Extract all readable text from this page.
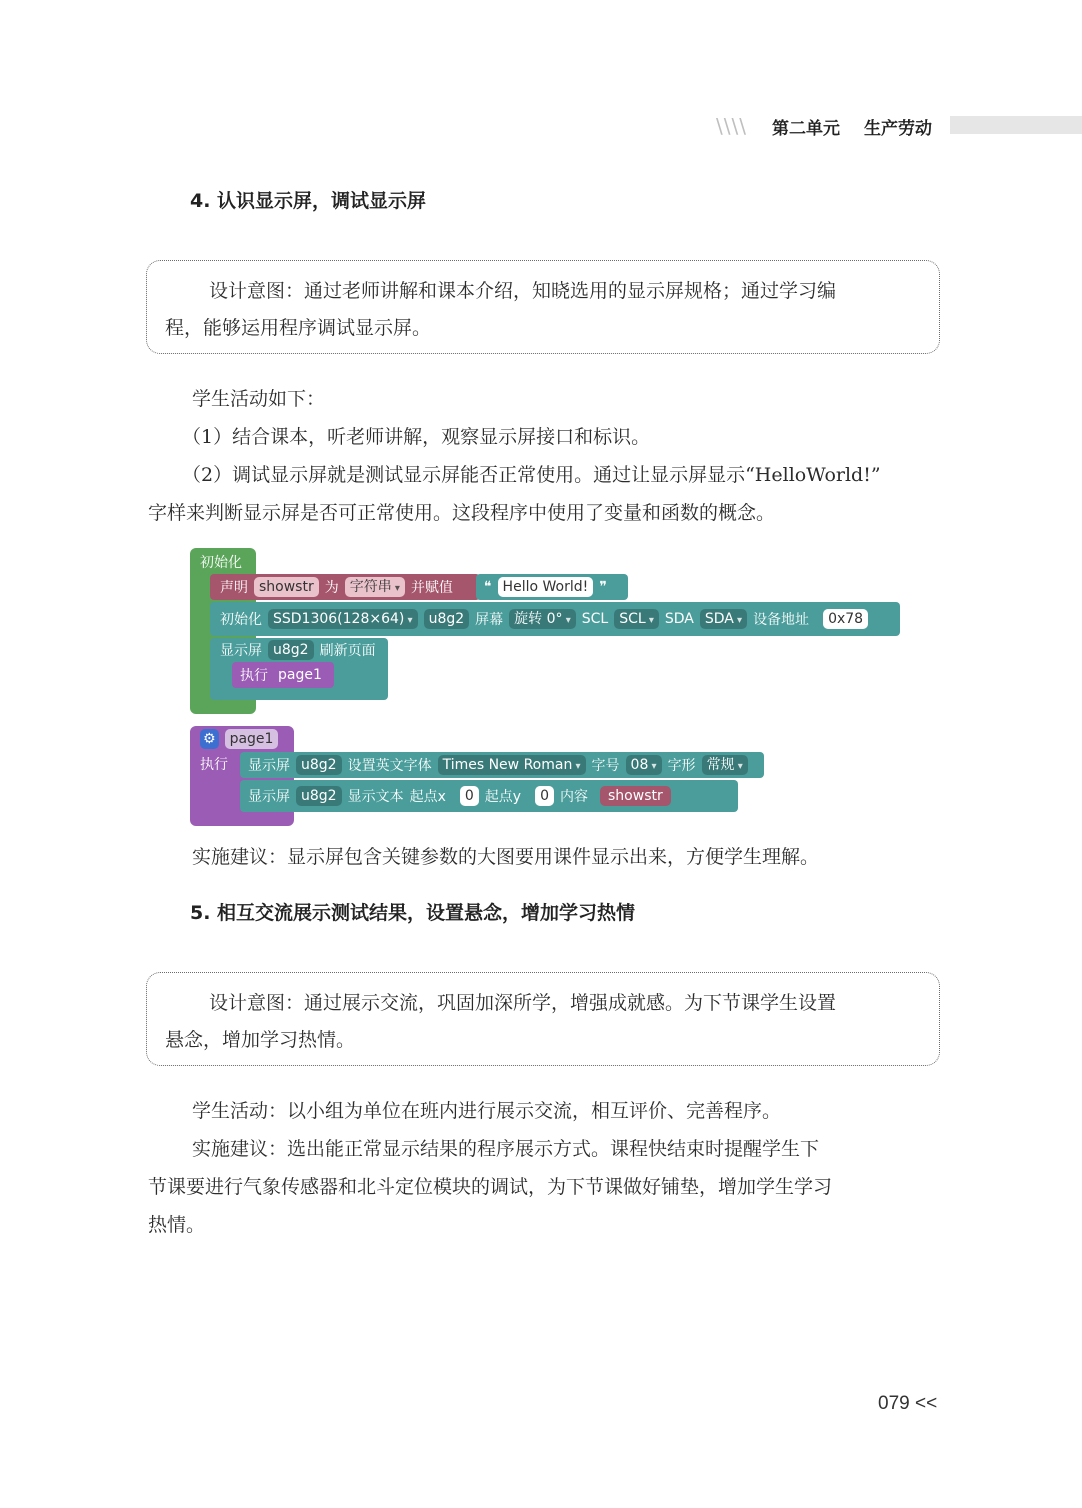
\\\\ 第二单元 生产劳动
4. 认识显示屏，调试显示屏
设计意图：通过老师讲解和课本介绍，知晓选用的显示屏规格；通过学习编
程，能够运用程序调试显示屏。
学生活动如下：
（1）结合课本，听老师讲解，观察显示屏接口和标识。
（2）调试显示屏就是测试显示屏能否正常使用。通过让显示屏显示“HelloWorld!”
字样来判断显示屏是否可正常使用。这段程序中使用了变量和函数的概念。
初始化
声明 showstr 为 字符串 ▾	并赋值 ❝ Hello World! ❞
初始化 SSD1306(128×64) ▾	u8g2 屏幕 旋转 0° ▾	SCL SCL ▾	SDA SDA ▾	设备地址	0x78
显示屏 u8g2 刷新页面
执行 page1
⚙	page1
执行 显示屏 u8g2 设置英文字体 Times New Roman ▾	字号 08 ▾	字形 常规 ▾
显示屏 u8g2 显示文本 起点x	0 起点y	0 内容	showstr
实施建议：显示屏包含关键参数的大图要用课件显示出来，方便学生理解。
5. 相互交流展示测试结果，设置悬念，增加学习热情
设计意图：通过展示交流，巩固加深所学，增强成就感。为下节课学生设置
悬念，增加学习热情。
学生活动：以小组为单位在班内进行展示交流，相互评价、完善程序。
实施建议：选出能正常显示结果的程序展示方式。课程快结束时提醒学生下
节课要进行气象传感器和北斗定位模块的调试，为下节课做好铺垫，增加学生学习
热情。
079 <<
